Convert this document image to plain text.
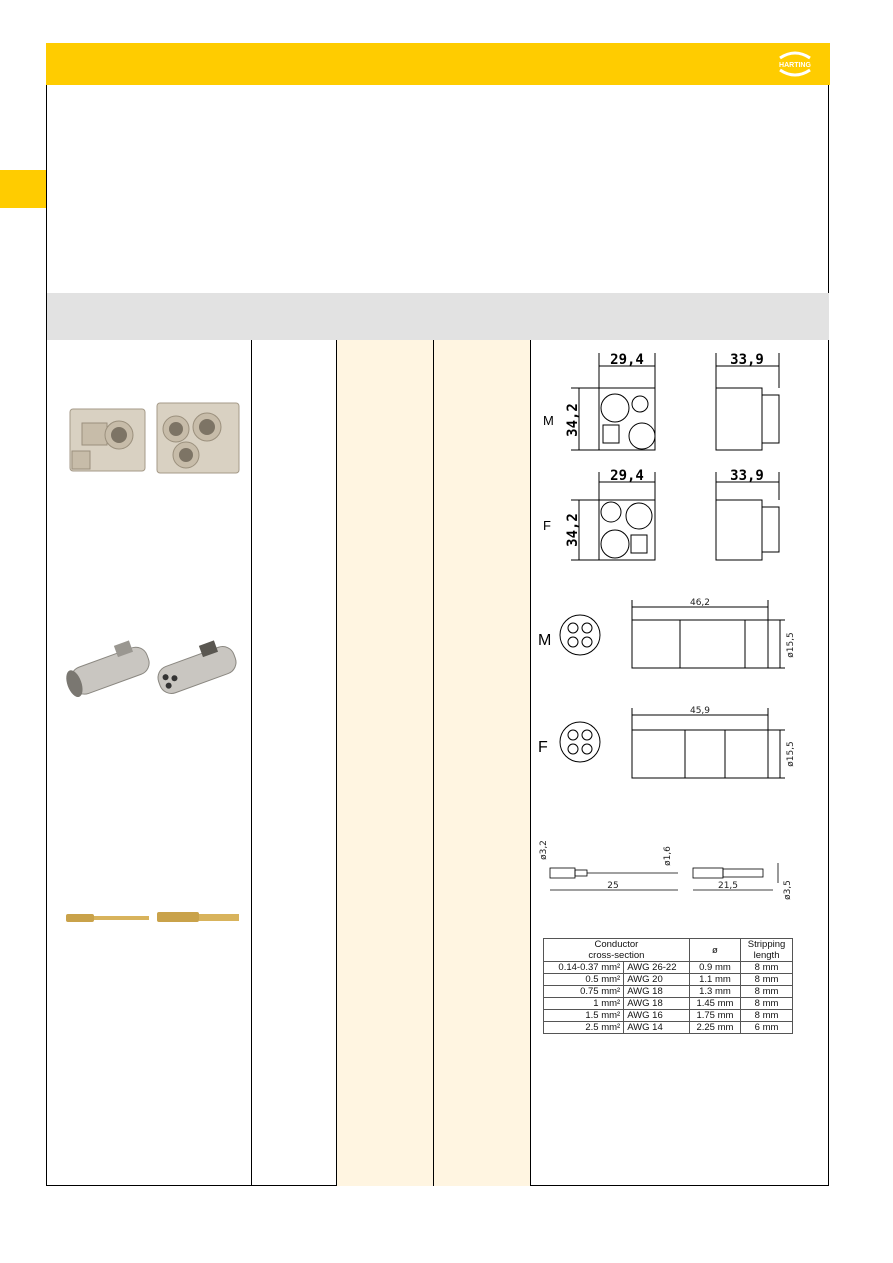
HARTING
29,4
34,2
33,9
M
29,4
34,2
33,9
F
M
46,2
ø15,5
F
45,9
ø15,5
ø3,2	ø1,6
25	21,5	ø3,5
Conductor
cross-section		ø	Stripping
length
0.14-0.37 mm²	AWG 26-22	0.9 mm	8 mm
0.5 mm²	AWG 20	1.1 mm	8 mm
0.75 mm²	AWG 18	1.3 mm	8 mm
1 mm²	AWG 18	1.45 mm	8 mm
1.5 mm²	AWG 16	1.75 mm	8 mm
2.5 mm²	AWG 14	2.25 mm	6 mm
